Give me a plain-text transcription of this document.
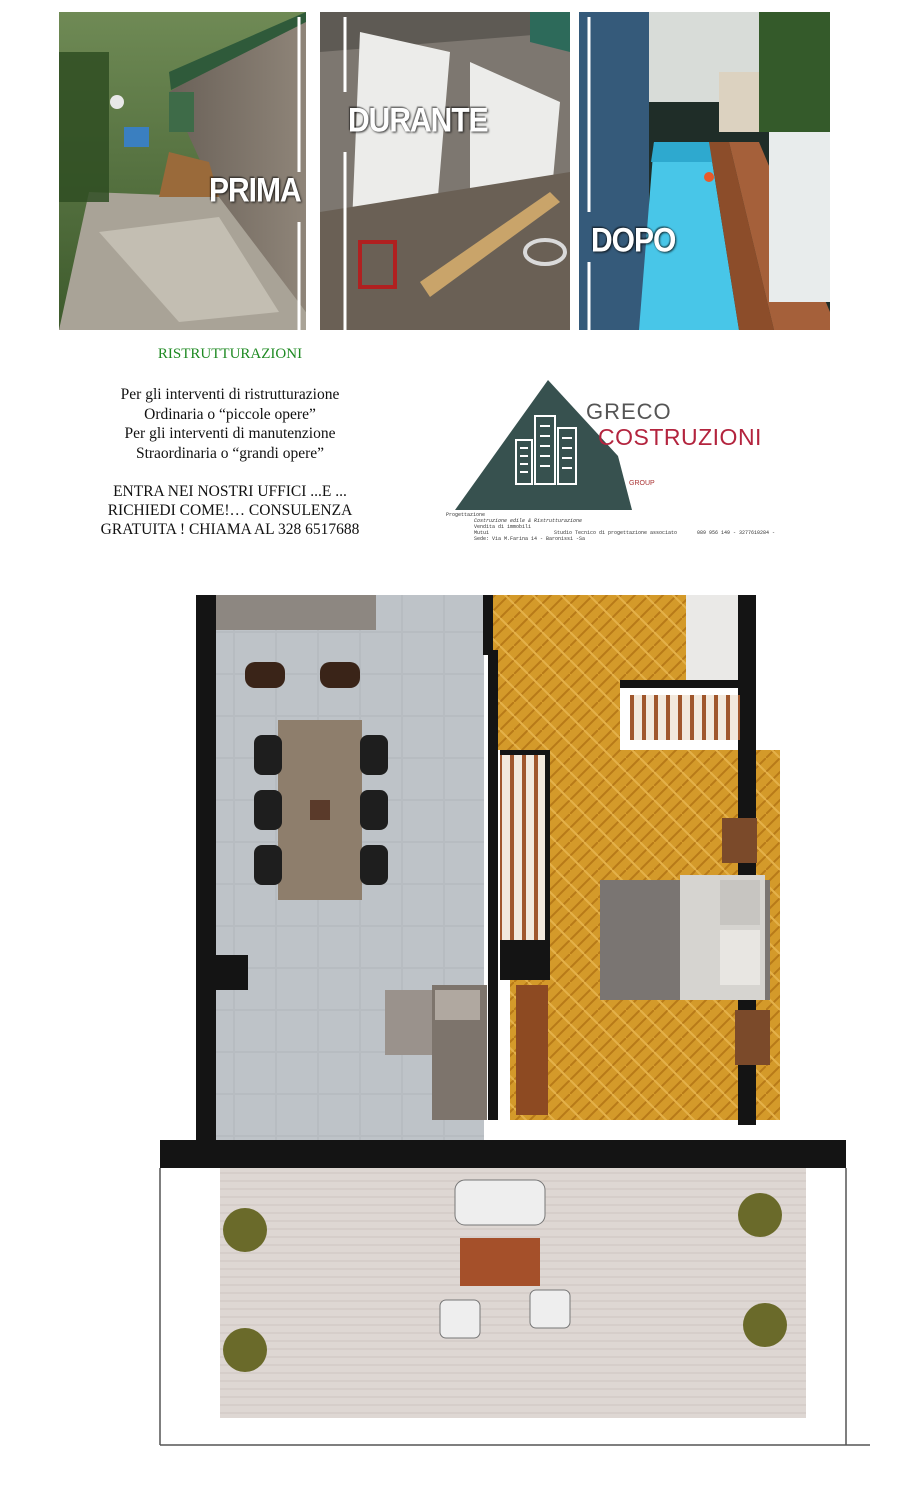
PRIMA
DURANTE
DOPO
RISTRUTTURAZIONI
Per gli interventi di ristrutturazione
Ordinaria o “piccole opere”
Per gli interventi di manutenzione
Straordinaria o “grandi opere”
ENTRA NEI NOSTRI UFFICI ...E ...
RICHIEDI COME!… CONSULENZA
GRATUITA ! CHIAMA AL 328 6517688
GRECO
COSTRUZIONI
GROUP
Progettazione
Costruzione edile & Ristrutturazione
Vendita di immobili
Mutui	Studio Tecnico di progettazione associato	089 956 149 - 3277610284 -
Sede: Via M.Farina 14 - Baronissi -Sa
